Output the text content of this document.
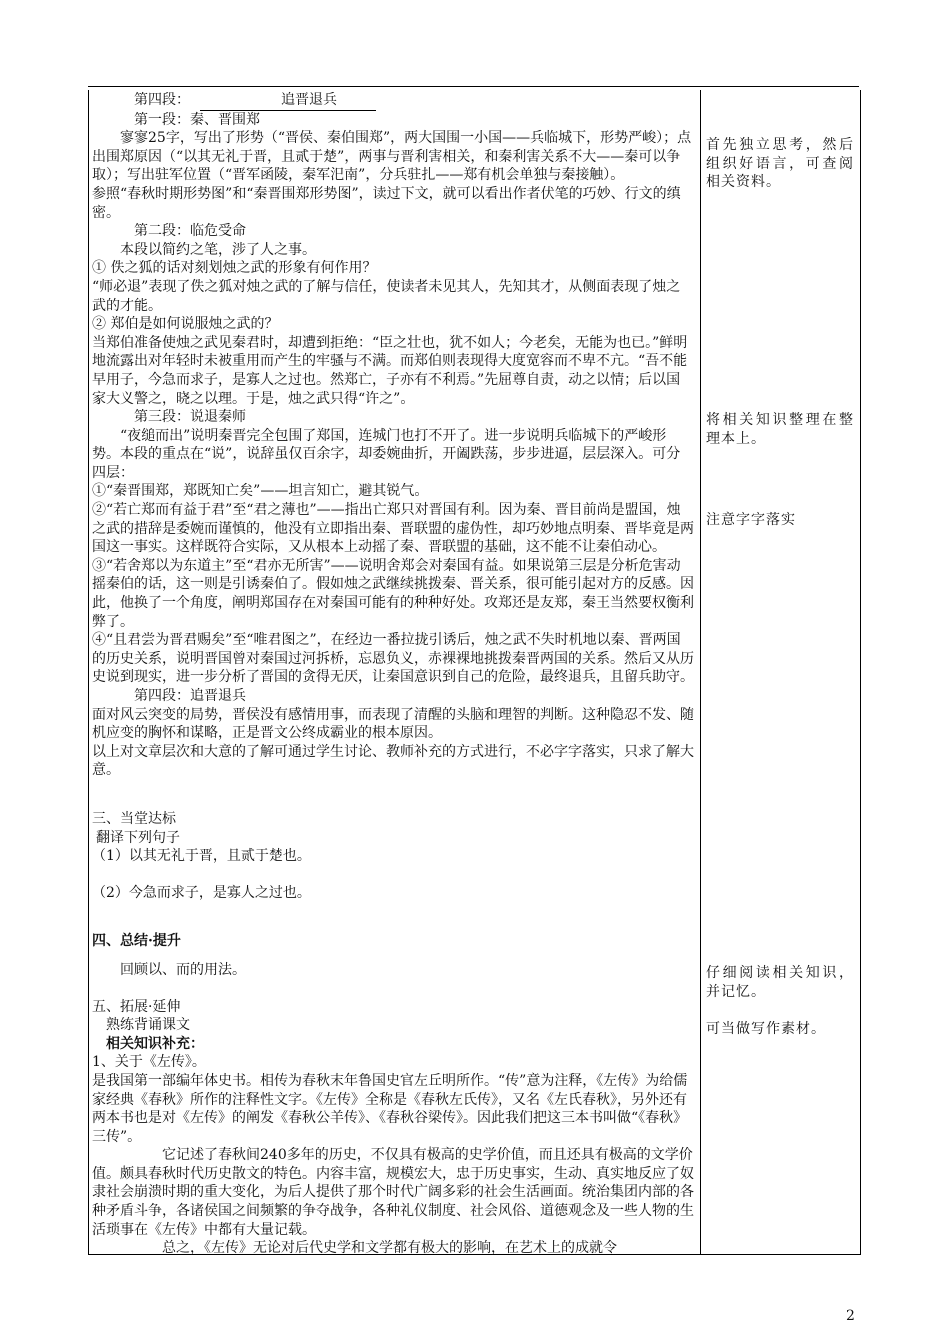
第四段：	追晋退兵

第一段：秦、晋围郑

寥寥25字，写出了形势（“晋侯、秦伯围郑”，两大国围一小国——兵临城下，形势严峻）；点出围郑原因（“以其无礼于晋，且贰于楚”，两事与晋利害相关，和秦利害关系不大——秦可以争取）；写出驻军位置（“晋军函陵，秦军汜南”，分兵驻扎——郑有机会单独与秦接触）。

参照“春秋时期形势图”和“秦晋围郑形势图”，读过下文，就可以看出作者伏笔的巧妙、行文的缜密。

第二段：临危受命

本段以简约之笔，涉了人之事。

① 佚之狐的话对刻划烛之武的形象有何作用？

“师必退”表现了佚之狐对烛之武的了解与信任，使读者未见其人，先知其才，从侧面表现了烛之武的才能。

② 郑伯是如何说服烛之武的？

当郑伯准备使烛之武见秦君时，却遭到拒绝：“臣之壮也，犹不如人；今老矣，无能为也已。”鲜明地流露出对年轻时未被重用而产生的牢骚与不满。而郑伯则表现得大度宽容而不卑不亢。“吾不能早用子，今急而求子，是寡人之过也。然郑亡，子亦有不利焉。”先屈尊自责，动之以情；后以国家大义警之，晓之以理。于是，烛之武只得“许之”。

第三段：说退秦师

“夜缒而出”说明秦晋完全包围了郑国，连城门也打不开了。进一步说明兵临城下的严峻形势。本段的重点在“说”，说辞虽仅百余字，却委婉曲折，开阖跌荡，步步进逼，层层深入。可分四层：

①“秦晋围郑，郑既知亡矣”——坦言知亡，避其锐气。

②“若亡郑而有益于君”至“君之薄也”——指出亡郑只对晋国有利。因为秦、晋目前尚是盟国，烛之武的措辞是委婉而谨慎的，他没有立即指出秦、晋联盟的虚伪性，却巧妙地点明秦、晋毕竟是两国这一事实。这样既符合实际，又从根本上动摇了秦、晋联盟的基础，这不能不让秦伯动心。

③“若舍郑以为东道主”至“君亦无所害”——说明舍郑会对秦国有益。如果说第三层是分析危害动摇秦伯的话，这一则是引诱秦伯了。假如烛之武继续挑拨秦、晋关系，很可能引起对方的反感。因此，他换了一个角度，阐明郑国存在对秦国可能有的种种好处。攻郑还是友郑，秦王当然要权衡利弊了。

④“且君尝为晋君赐矣”至“唯君图之”，在经边一番拉拢引诱后，烛之武不失时机地以秦、晋两国的历史关系，说明晋国曾对秦国过河拆桥，忘恩负义，赤裸裸地挑拨秦晋两国的关系。然后又从历史说到现实，进一步分析了晋国的贪得无厌，让秦国意识到自己的危险，最终退兵，且留兵助守。

第四段：追晋退兵

面对风云突变的局势，晋侯没有感情用事，而表现了清醒的头脑和理智的判断。这种隐忍不发、随机应变的胸怀和谋略，正是晋文公终成霸业的根本原因。

以上对文章层次和大意的了解可通过学生讨论、教师补充的方式进行，不必字字落实，只求了解大意。

三、当堂达标

翻译下列句子

（1）以其无礼于晋，且贰于楚也。

（2）今急而求子，是寡人之过也。

四、总结·提升

回顾以、而的用法。

五、拓展·延伸

熟练背诵课文

相关知识补充：

1、关于《左传》。

是我国第一部编年体史书。相传为春秋末年鲁国史官左丘明所作。“传”意为注释，《左传》为给儒家经典《春秋》所作的注释性文字。《左传》全称是《春秋左氏传》，又名《左氏春秋》，另外还有两本书也是对《左传》的阐发《春秋公羊传》、《春秋谷梁传》。因此我们把这三本书叫做“《春秋》三传”。

它记述了春秋间240多年的历史，不仅具有极高的史学价值，而且还具有极高的文学价值。颇具春秋时代历史散文的特色。内容丰富，规模宏大，忠于历史事实，生动、真实地反应了奴隶社会崩溃时期的重大变化，为后人提供了那个时代广阔多彩的社会生活画面。统治集团内部的各种矛盾斗争，各诸侯国之间频繁的争夺战争，各种礼仪制度、社会风俗、道德观念及一些人物的生活琐事在《左传》中都有大量记载。

总之，《左传》无论对后代史学和文学都有极大的影响，在艺术上的成就令

首先独立思考，然后组织好语言，可查阅相关资料。
将相关知识整理在整理本上。
注意字字落实
仔细阅读相关知识，并记忆。
可当做写作素材。
2
